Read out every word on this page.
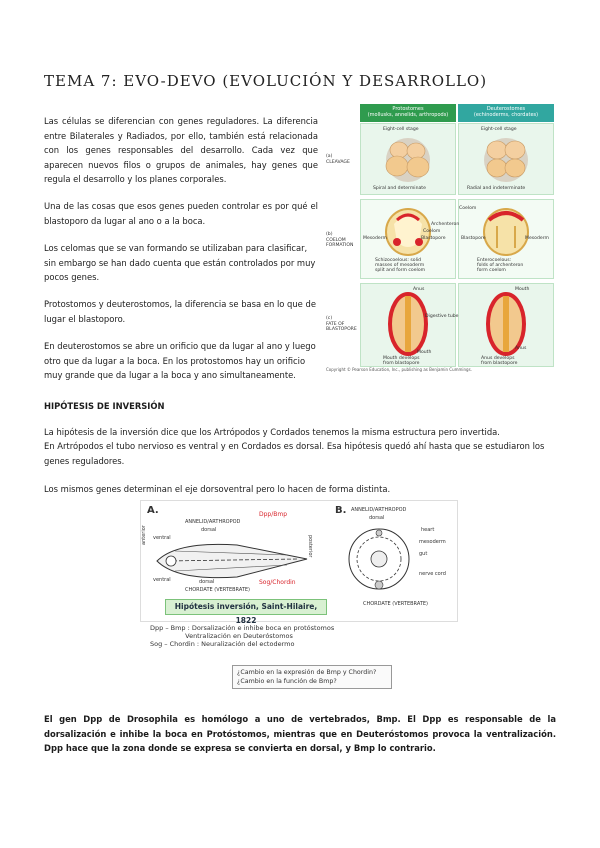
TEMA 7: EVO-DEVO (EVOLUCIÓN Y DESARROLLO)
Las células se diferencian con genes reguladores. La diferencia entre Bilaterales y Radiados, por ello, también está relacionada con los genes responsables del desarrollo. Cada vez que aparecen nuevos filos o grupos de animales, hay genes que regula el desarrollo y los planes corporales.
Una de las cosas que esos genes pueden controlar es por qué el blastoporo da lugar al ano o a la boca.
Los celomas que se van formando se utilizaban para clasificar, sin embargo se han dado cuenta que están controlados por muy pocos genes.
Protostomos y deuterostomos, la diferencia se basa en lo que de lugar el blastoporo.
En deuterostomos se abre un orificio que da lugar al ano y luego otro que da lugar a la boca. En los protostomos hay un orificio muy grande que da lugar a la boca y ano simultaneamente.
HIPÓTESIS DE INVERSIÓN
La hipótesis de la inversión dice que los Artrópodos y Cordados tenemos la misma estructura pero invertida.
En Artrópodos el tubo nervioso es ventral y en Cordados es dorsal. Esa hipótesis quedó ahí hasta que se estudiaron los genes reguladores.
Los mismos genes determinan el eje dorsoventral pero lo hacen de forma distinta.
Protostomes
(mollusks, annelids, arthropods)
Deuterostomes
(echinoderms, chordates)
(a)
CLEAVAGE
(b)
COELOM
FORMATION
(c)
FATE OF
BLASTOPORE
Eight-cell stage
Spiral and determinate
Eight-cell stage
Radial and indeterminate
Mesoderm
Coelom
Blastopore
Schizocoelous: solid
masses of mesoderm
split and form coelom
Coelom
Archenteron
Blastopore	Mesoderm
Enterocoelous:
folds of archenteron
form coelom
Anus
Mouth
Mouth develops
from blastopore
Mouth
Anus
Digestive tube
Anus develops
from blastopore
Copyright © Pearson Education, Inc., publishing as Benjamin Cummings.
A.	B.
ANNELID/ARTHROPOD
dorsal
ventral
Dpp/Bmp
Sog/Chordin
anterior	posterior
dorsal
ventral
CHORDATE (VERTEBRATE)
ANNELID/ARTHROPOD
dorsal
heart
mesoderm
gut
nerve cord
CHORDATE (VERTEBRATE)
Hipótesis inversión, Saint-Hilaire, 1822
Dpp – Bmp : Dorsalización e inhibe boca en protóstomos
Ventralización en Deuteróstomos
Sog – Chordin : Neuralización del ectodermo
¿Cambio en la expresión de Bmp y Chordin?
¿Cambio en la función de Bmp?
El gen Dpp de Drosophila es homólogo a uno de vertebrados, Bmp. El Dpp es responsable de la dorsalización e inhibe la boca en Protóstomos, mientras que en Deuteróstomos provoca la ventralización. Dpp hace que la zona donde se expresa se convierta en dorsal, y Bmp lo contrario.
